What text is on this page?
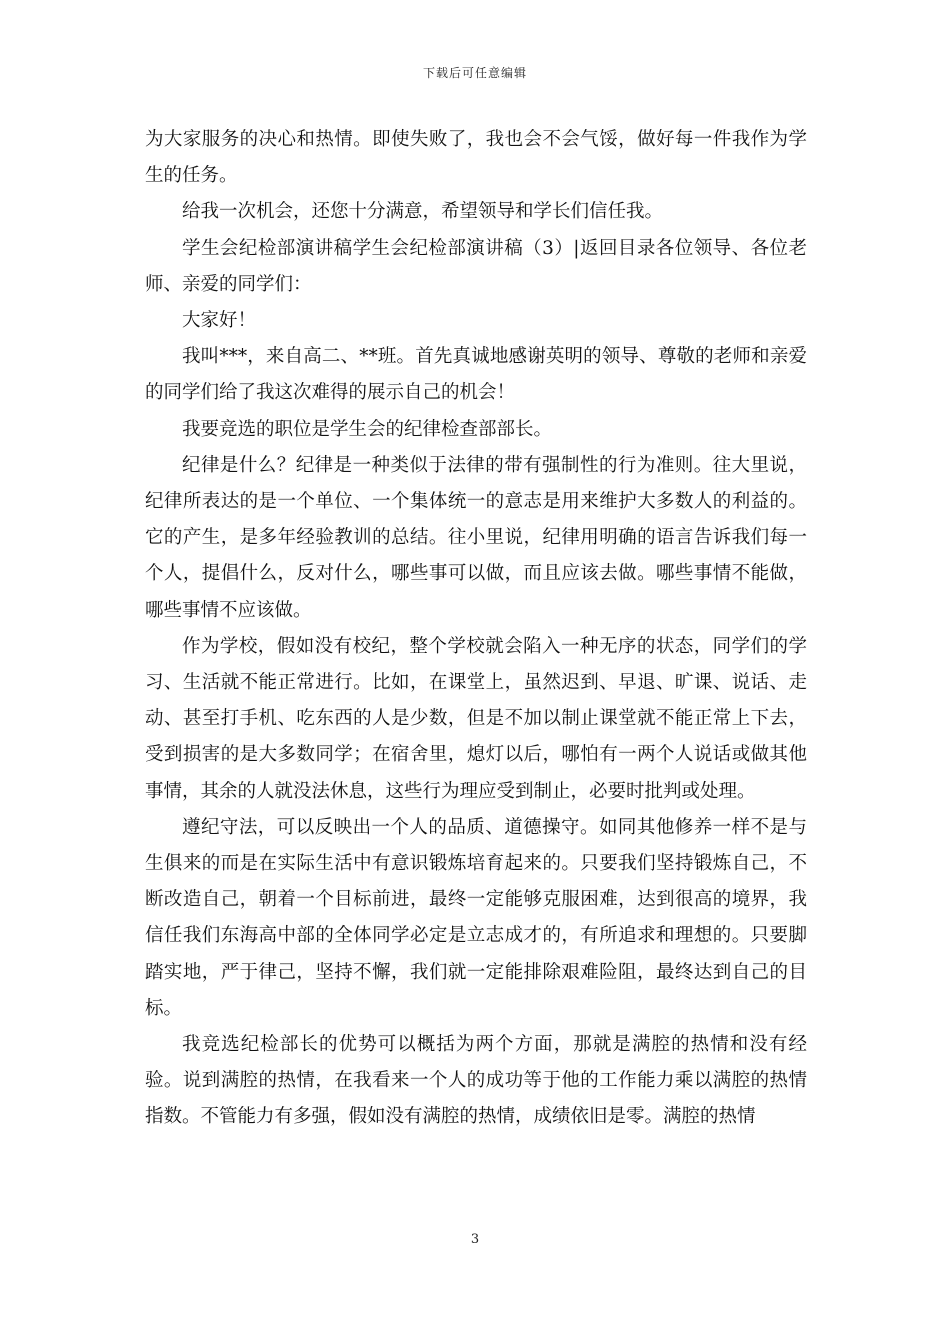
下载后可任意编辑

为大家服务的决心和热情。即使失败了，我也会不会气馁，做好每一件我作为学生的任务。

给我一次机会，还您十分满意，希望领导和学长们信任我。

学生会纪检部演讲稿学生会纪检部演讲稿（3）|返回目录各位领导、各位老师、亲爱的同学们：

大家好！

我叫***，来自高二、**班。首先真诚地感谢英明的领导、尊敬的老师和亲爱的同学们给了我这次难得的展示自己的机会！

我要竞选的职位是学生会的纪律检查部部长。

纪律是什么？纪律是一种类似于法律的带有强制性的行为准则。往大里说，纪律所表达的是一个单位、一个集体统一的意志是用来维护大多数人的利益的。它的产生，是多年经验教训的总结。往小里说，纪律用明确的语言告诉我们每一个人，提倡什么，反对什么，哪些事可以做，而且应该去做。哪些事情不能做，哪些事情不应该做。

作为学校，假如没有校纪，整个学校就会陷入一种无序的状态，同学们的学习、生活就不能正常进行。比如，在课堂上，虽然迟到、早退、旷课、说话、走动、甚至打手机、吃东西的人是少数，但是不加以制止课堂就不能正常上下去，受到损害的是大多数同学；在宿舍里，熄灯以后，哪怕有一两个人说话或做其他事情，其余的人就没法休息，这些行为理应受到制止，必要时批判或处理。

遵纪守法，可以反映出一个人的品质、道德操守。如同其他修养一样不是与生俱来的而是在实际生活中有意识锻炼培育起来的。只要我们坚持锻炼自己，不断改造自己，朝着一个目标前进，最终一定能够克服困难，达到很高的境界，我信任我们东海高中部的全体同学必定是立志成才的，有所追求和理想的。只要脚踏实地，严于律己，坚持不懈，我们就一定能排除艰难险阻，最终达到自己的目标。

我竞选纪检部长的优势可以概括为两个方面，那就是满腔的热情和没有经验。说到满腔的热情，在我看来一个人的成功等于他的工作能力乘以满腔的热情指数。不管能力有多强，假如没有满腔的热情，成绩依旧是零。满腔的热情

3
